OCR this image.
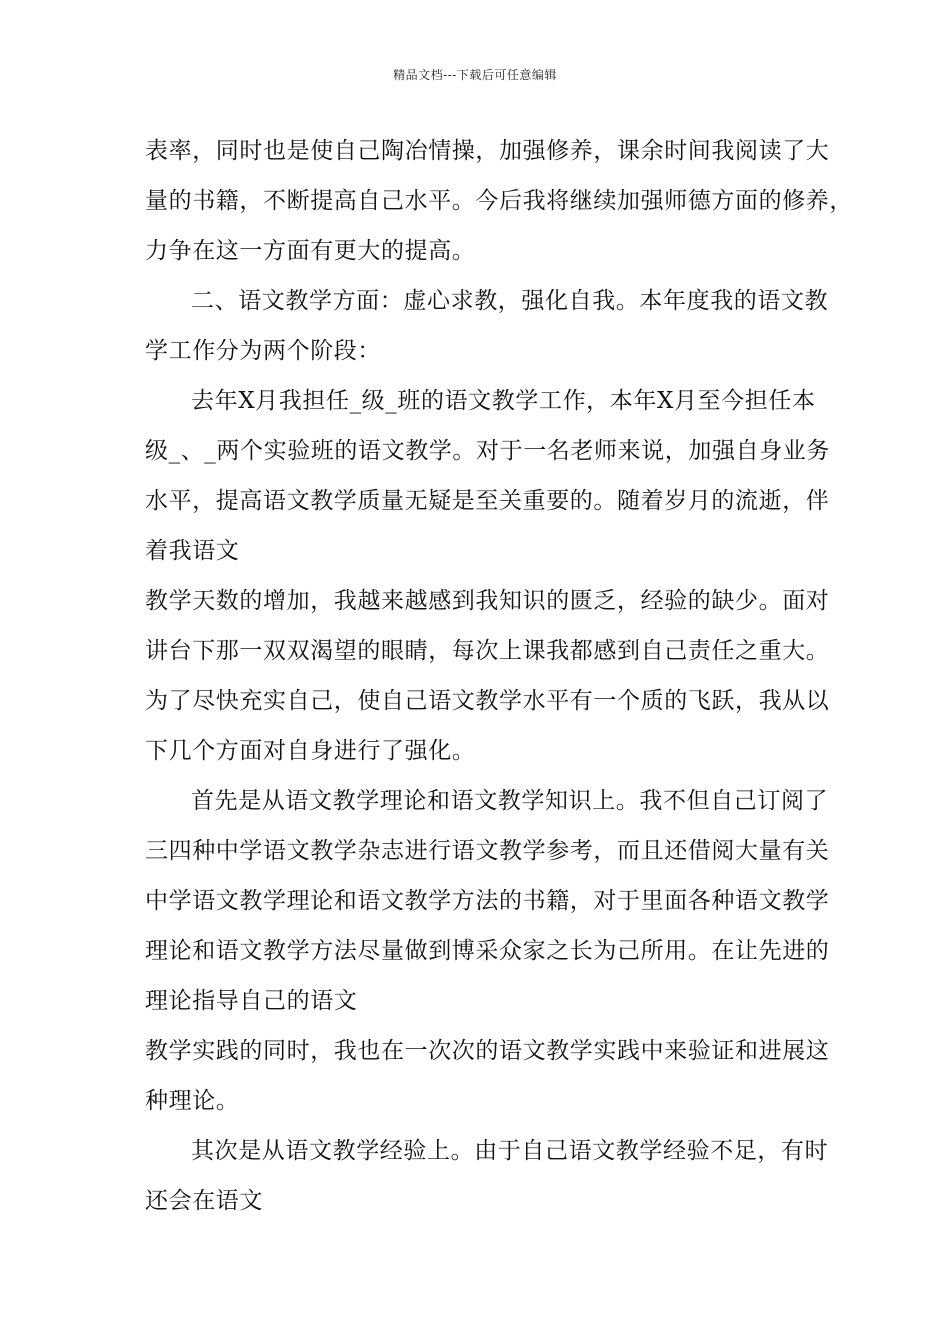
精品文档---下载后可任意编辑
表率，同时也是使自己陶冶情操，加强修养，课余时间我阅读了大
量的书籍，不断提高自己水平。今后我将继续加强师德方面的修养，
力争在这一方面有更大的提高。
二、语文教学方面：虚心求教，强化自我。本年度我的语文教
学工作分为两个阶段：
去年X月我担任_级_班的语文教学工作，本年X月至今担任本
级_、_两个实验班的语文教学。对于一名老师来说，加强自身业务
水平，提高语文教学质量无疑是至关重要的。随着岁月的流逝，伴
着我语文
教学天数的增加，我越来越感到我知识的匮乏，经验的缺少。面对
讲台下那一双双渴望的眼睛，每次上课我都感到自己责任之重大。
为了尽快充实自己，使自己语文教学水平有一个质的飞跃，我从以
下几个方面对自身进行了强化。
首先是从语文教学理论和语文教学知识上。我不但自己订阅了
三四种中学语文教学杂志进行语文教学参考，而且还借阅大量有关
中学语文教学理论和语文教学方法的书籍，对于里面各种语文教学
理论和语文教学方法尽量做到博采众家之长为己所用。在让先进的
理论指导自己的语文
教学实践的同时，我也在一次次的语文教学实践中来验证和进展这
种理论。
其次是从语文教学经验上。由于自己语文教学经验不足，有时
还会在语文
